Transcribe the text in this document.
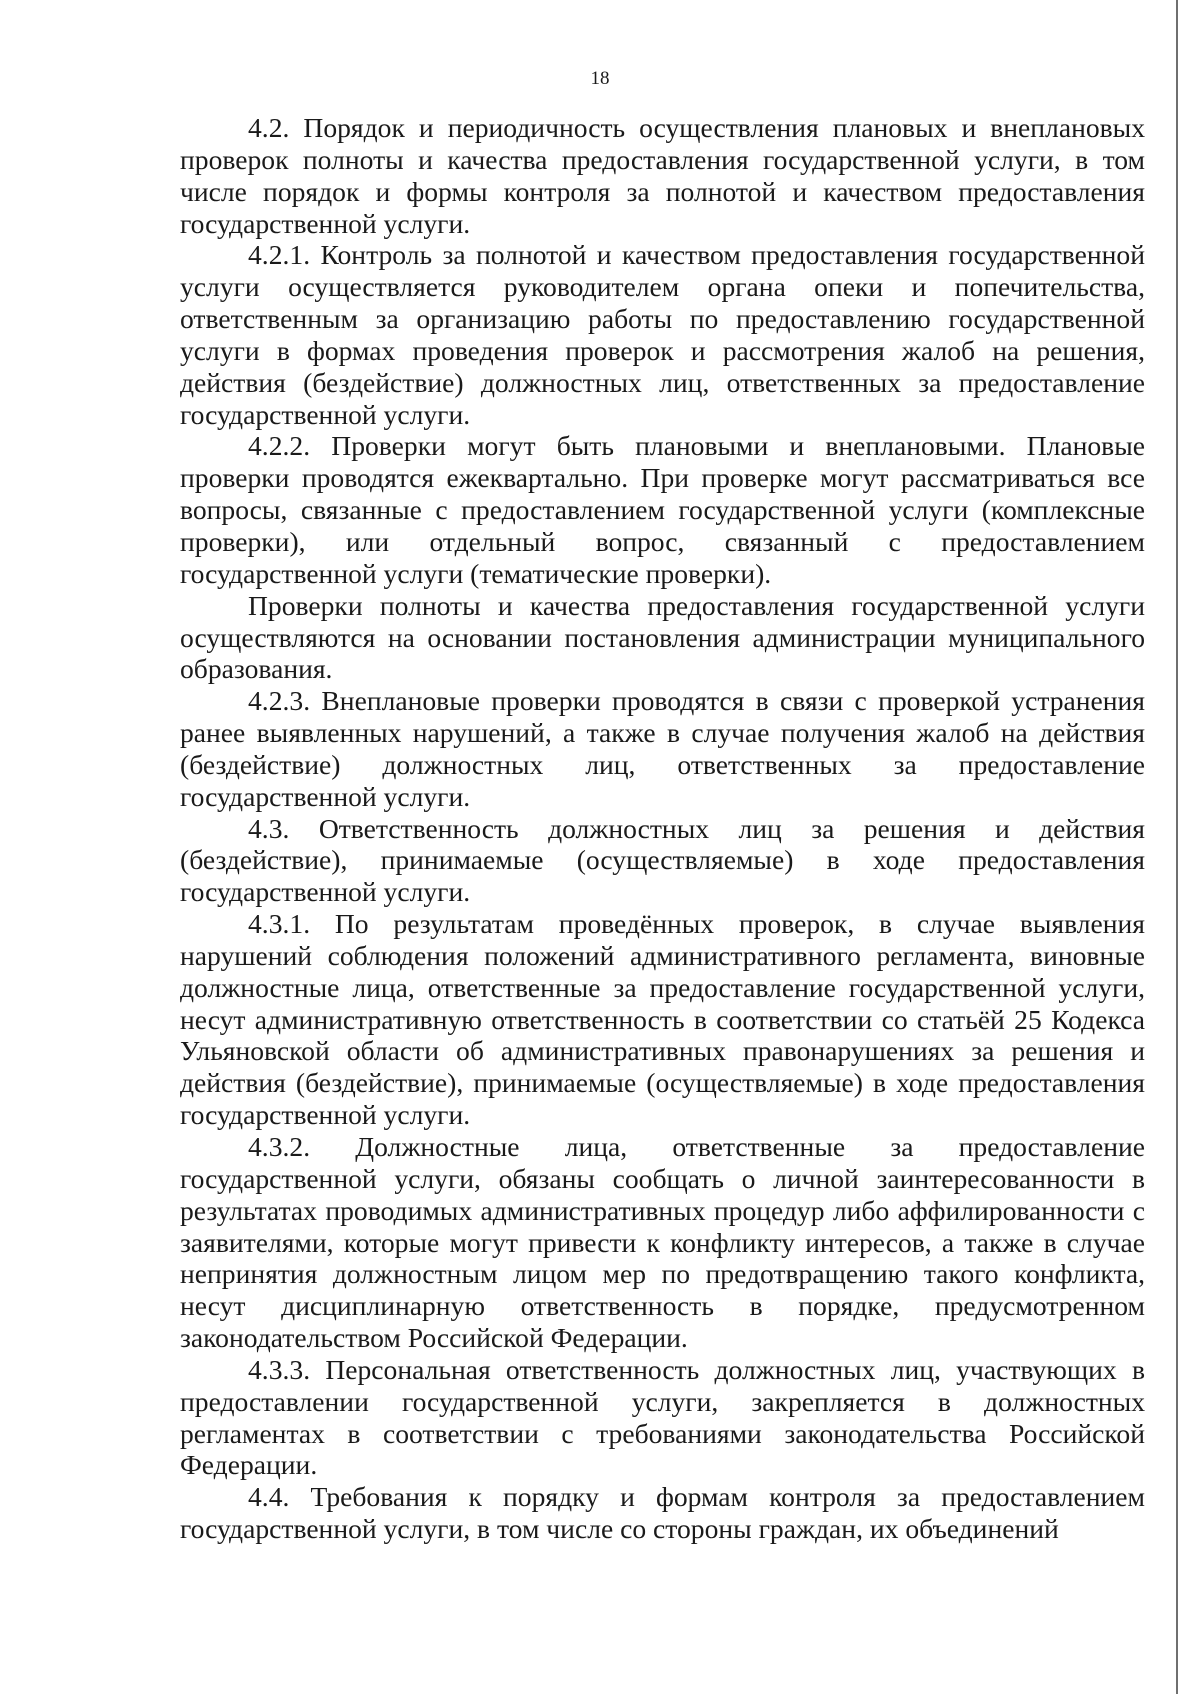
18

4.2. Порядок и периодичность осуществления плановых и внеплановых проверок полноты и качества предоставления государственной услуги, в том числе порядок и формы контроля за полнотой и качеством предоставления государственной услуги.

4.2.1. Контроль за полнотой и качеством предоставления государственной услуги осуществляется руководителем органа опеки и попечительства, ответственным за организацию работы по предоставлению государственной услуги в формах проведения проверок и рассмотрения жалоб на решения, действия (бездействие) должностных лиц, ответственных за предоставление государственной услуги.

4.2.2. Проверки могут быть плановыми и внеплановыми. Плановые проверки проводятся ежеквартально. При проверке могут рассматриваться все вопросы, связанные с предоставлением государственной услуги (комплексные проверки), или отдельный вопрос, связанный с предоставлением государственной услуги (тематические проверки).

Проверки полноты и качества предоставления государственной услуги осуществляются на основании постановления администрации муниципального образования.

4.2.3. Внеплановые проверки проводятся в связи с проверкой устранения ранее выявленных нарушений, а также в случае получения жалоб на действия (бездействие) должностных лиц, ответственных за предоставление государственной услуги.

4.3. Ответственность должностных лиц за решения и действия (бездействие), принимаемые (осуществляемые) в ходе предоставления государственной услуги.

4.3.1. По результатам проведённых проверок, в случае выявления нарушений соблюдения положений административного регламента, виновные должностные лица, ответственные за предоставление государственной услуги, несут административную ответственность в соответствии со статьёй 25 Кодекса Ульяновской области об административных правонарушениях за решения и действия (бездействие), принимаемые (осуществляемые) в ходе предоставления государственной услуги.

4.3.2. Должностные лица, ответственные за предоставление государственной услуги, обязаны сообщать о личной заинтересованности в результатах проводимых административных процедур либо аффилированности с заявителями, которые могут привести к конфликту интересов, а также в случае непринятия должностным лицом мер по предотвращению такого конфликта, несут дисциплинарную ответственность в порядке, предусмотренном законодательством Российской Федерации.

4.3.3. Персональная ответственность должностных лиц, участвующих в предоставлении государственной услуги, закрепляется в должностных регламентах в соответствии с требованиями законодательства Российской Федерации.

4.4. Требования к порядку и формам контроля за предоставлением государственной услуги, в том числе со стороны граждан, их объединений
